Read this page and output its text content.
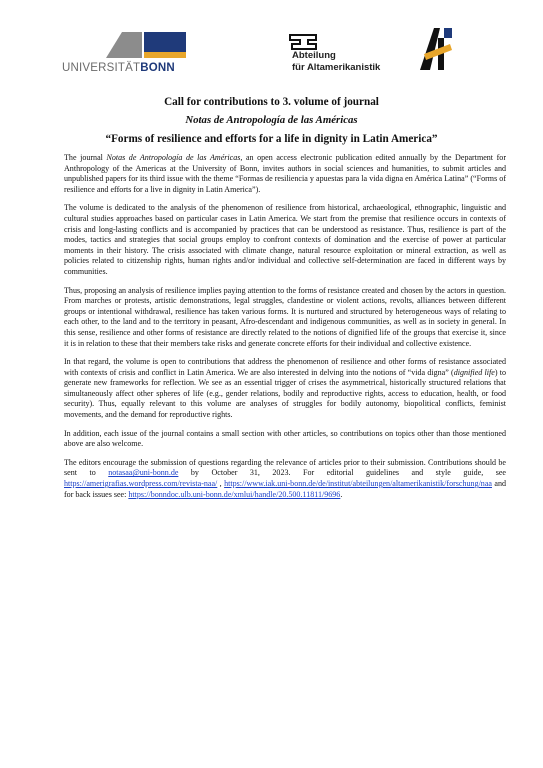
UNIVERSITÄTBONN
Abteilung
für Altamerikanistik
Call for contributions to 3. volume of journal
Notas de Antropología de las Américas
“Forms of resilience and efforts for a life in dignity in Latin America”

The journal Notas de Antropología de las Américas, an open access electronic publication edited annually by the Department for Anthropology of the Americas at the University of Bonn, invites authors in social sciences and humanities, to submit articles and unpublished papers for its third issue with the theme “Formas de resiliencia y apuestas para la vida digna en América Latina” (“Forms of resilience and efforts for a live in dignity in Latin America”).

The volume is dedicated to the analysis of the phenomenon of resilience from historical, archaeological, ethnographic, linguistic and cultural studies approaches based on particular cases in Latin America. We start from the premise that resilience occurs in contexts of crisis and long-lasting conflicts and is accompanied by practices that can be understood as resistance. Thus, resilience is part of the modes, tactics and strategies that social groups employ to confront contexts of domination and the exercise of power at particular moments in their history. The crisis associated with climate change, natural resource exploitation or mineral extraction, as well as policies related to citizenship rights, human rights and/or individual and collective self-determination are faced in different ways by communities.

Thus, proposing an analysis of resilience implies paying attention to the forms of resistance created and chosen by the actors in question. From marches or protests, artistic demonstrations, legal struggles, clandestine or violent actions, revolts, alliances between different groups or intentional withdrawal, resilience has taken various forms. It is nurtured and structured by heterogeneous ways of relating to each other, to the land and to the territory in peasant, Afro-descendant and indigenous communities, as well as in society in general. In this sense, resilience and other forms of resistance are directly related to the notions of dignified life of the groups that exercise it, since it is in relation to these that their members take risks and generate concrete efforts for their individual and collective existence.

In that regard, the volume is open to contributions that address the phenomenon of resilience and other forms of resistance associated with contexts of crisis and conflict in Latin America. We are also interested in delving into the notions of “vida digna” (dignified life) to generate new frameworks for reflection. We see as an essential trigger of crises the asymmetrical, historically structured relations that simultaneously affect other spheres of life (e.g., gender relations, bodily and reproductive rights, access to education, health, or food security). Thus, equally relevant to this volume are analyses of struggles for bodily autonomy, biopolitical conflicts, feminist movements, and the demand for reproductive rights.

In addition, each issue of the journal contains a small section with other articles, so contributions on topics other than those mentioned above are also welcome.

The editors encourage the submission of questions regarding the relevance of articles prior to their submission. Contributions should be sent to notasaa@uni-bonn.de by October 31, 2023. For editorial guidelines and style guide, see https://amerigrafias.wordpress.com/revista-naa/ , https://www.iak.uni-bonn.de/de/institut/abteilungen/altamerikanistik/forschung/naa and for back issues see: https://bonndoc.ulb.uni-bonn.de/xmlui/handle/20.500.11811/9696.
